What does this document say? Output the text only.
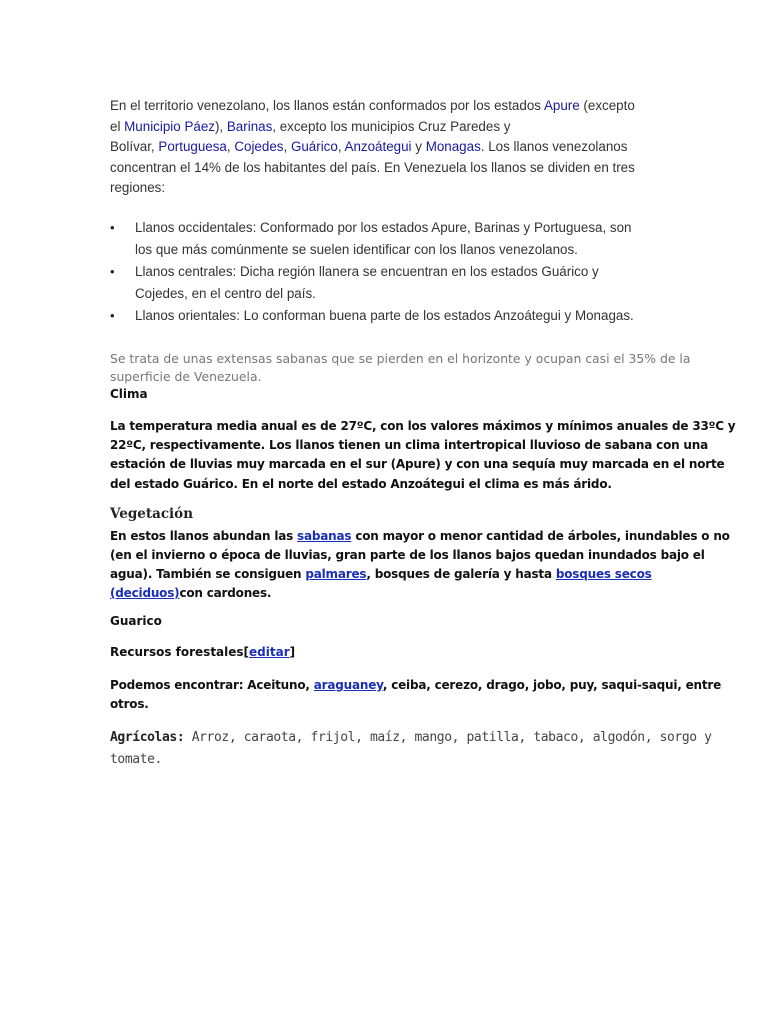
En el territorio venezolano, los llanos están conformados por los estados Apure (excepto
el Municipio Páez), Barinas, excepto los municipios Cruz Paredes y
Bolívar, Portuguesa, Cojedes, Guárico, Anzoátegui y Monagas. Los llanos venezolanos
concentran el 14% de los habitantes del país. En Venezuela los llanos se dividen en tres
regiones:
• Llanos occidentales: Conformado por los estados Apure, Barinas y Portuguesa, son
los que más comúnmente se suelen identificar con los llanos venezolanos.
• Llanos centrales: Dicha región llanera se encuentran en los estados Guárico y
Cojedes, en el centro del país.
• Llanos orientales: Lo conforman buena parte de los estados Anzoátegui y Monagas.
Se trata de unas extensas sabanas que se pierden en el horizonte y ocupan casi el 35% de la
superficie de Venezuela.
Clima
La temperatura media anual es de 27ºC, con los valores máximos y mínimos anuales de 33ºC y
22ºC, respectivamente. Los llanos tienen un clima intertropical lluvioso de sabana con una
estación de lluvias muy marcada en el sur (Apure) y con una sequía muy marcada en el norte
del estado Guárico. En el norte del estado Anzoátegui el clima es más árido.
Vegetación
En estos llanos abundan las sabanas con mayor o menor cantidad de árboles, inundables o no
(en el invierno o época de lluvias, gran parte de los llanos bajos quedan inundados bajo el
agua). También se consiguen palmares, bosques de galería y hasta bosques secos
(deciduos)con cardones.
Guarico
Recursos forestales[editar]
Podemos encontrar: Aceituno, araguaney, ceiba, cerezo, drago, jobo, puy, saqui-saqui, entre
otros.
Agrícolas: Arroz, caraota, frijol, maíz, mango, patilla, tabaco, algodón, sorgo y
tomate.
